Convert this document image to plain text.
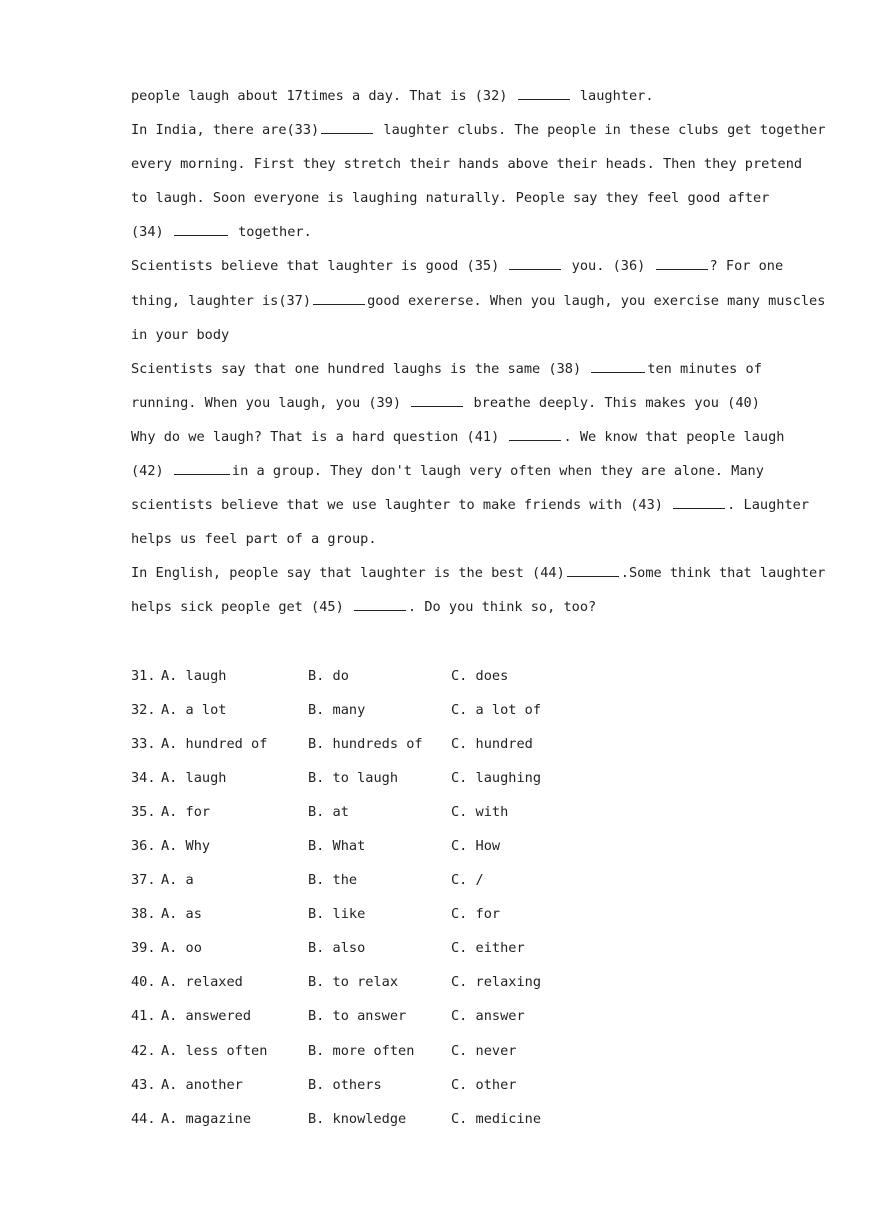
people laugh about 17times a day. That is (32)	laughter.
In India, there are(33)	laughter clubs. The people in these clubs get together
every morning. First they stretch their hands above their heads. Then they pretend
to laugh. Soon everyone is laughing naturally. People say they feel good after
(34)	together.
Scientists believe that laughter is good (35)	you. (36)	? For one
thing, laughter is(37)	good exererse. When you laugh, you exercise many muscles
in your body
Scientists say that one hundred laughs is the same (38)	ten minutes of
running. When you laugh, you (39)	breathe deeply. This makes you (40)
Why do we laugh? That is a hard question (41)	. We know that people laugh
(42)	in a group. They don't laugh very often when they are alone. Many
scientists believe that we use laughter to make friends with (43)	. Laughter
helps us feel part of a group.
In English, people say that laughter is the best (44)	.Some think that laughter
helps sick people get (45)	. Do you think so, too?
31. A. laugh	B. do	C. does
32. A. a lot	B. many	C. a lot of
33. A. hundred of	B. hundreds of	C. hundred
34. A. laugh	B. to laugh	C. laughing
35. A. for	B. at	C. with
36. A. Why	B. What	C. How
37. A. a	B. the	C. /
38. A. as	B. like	C. for
39. A. oo	B. also	C. either
40. A. relaxed	B. to relax	C. relaxing
41. A. answered	B. to answer	C. answer
42. A. less often	B. more often	C. never
43. A. another	B. others	C. other
44. A. magazine	B. knowledge	C. medicine
